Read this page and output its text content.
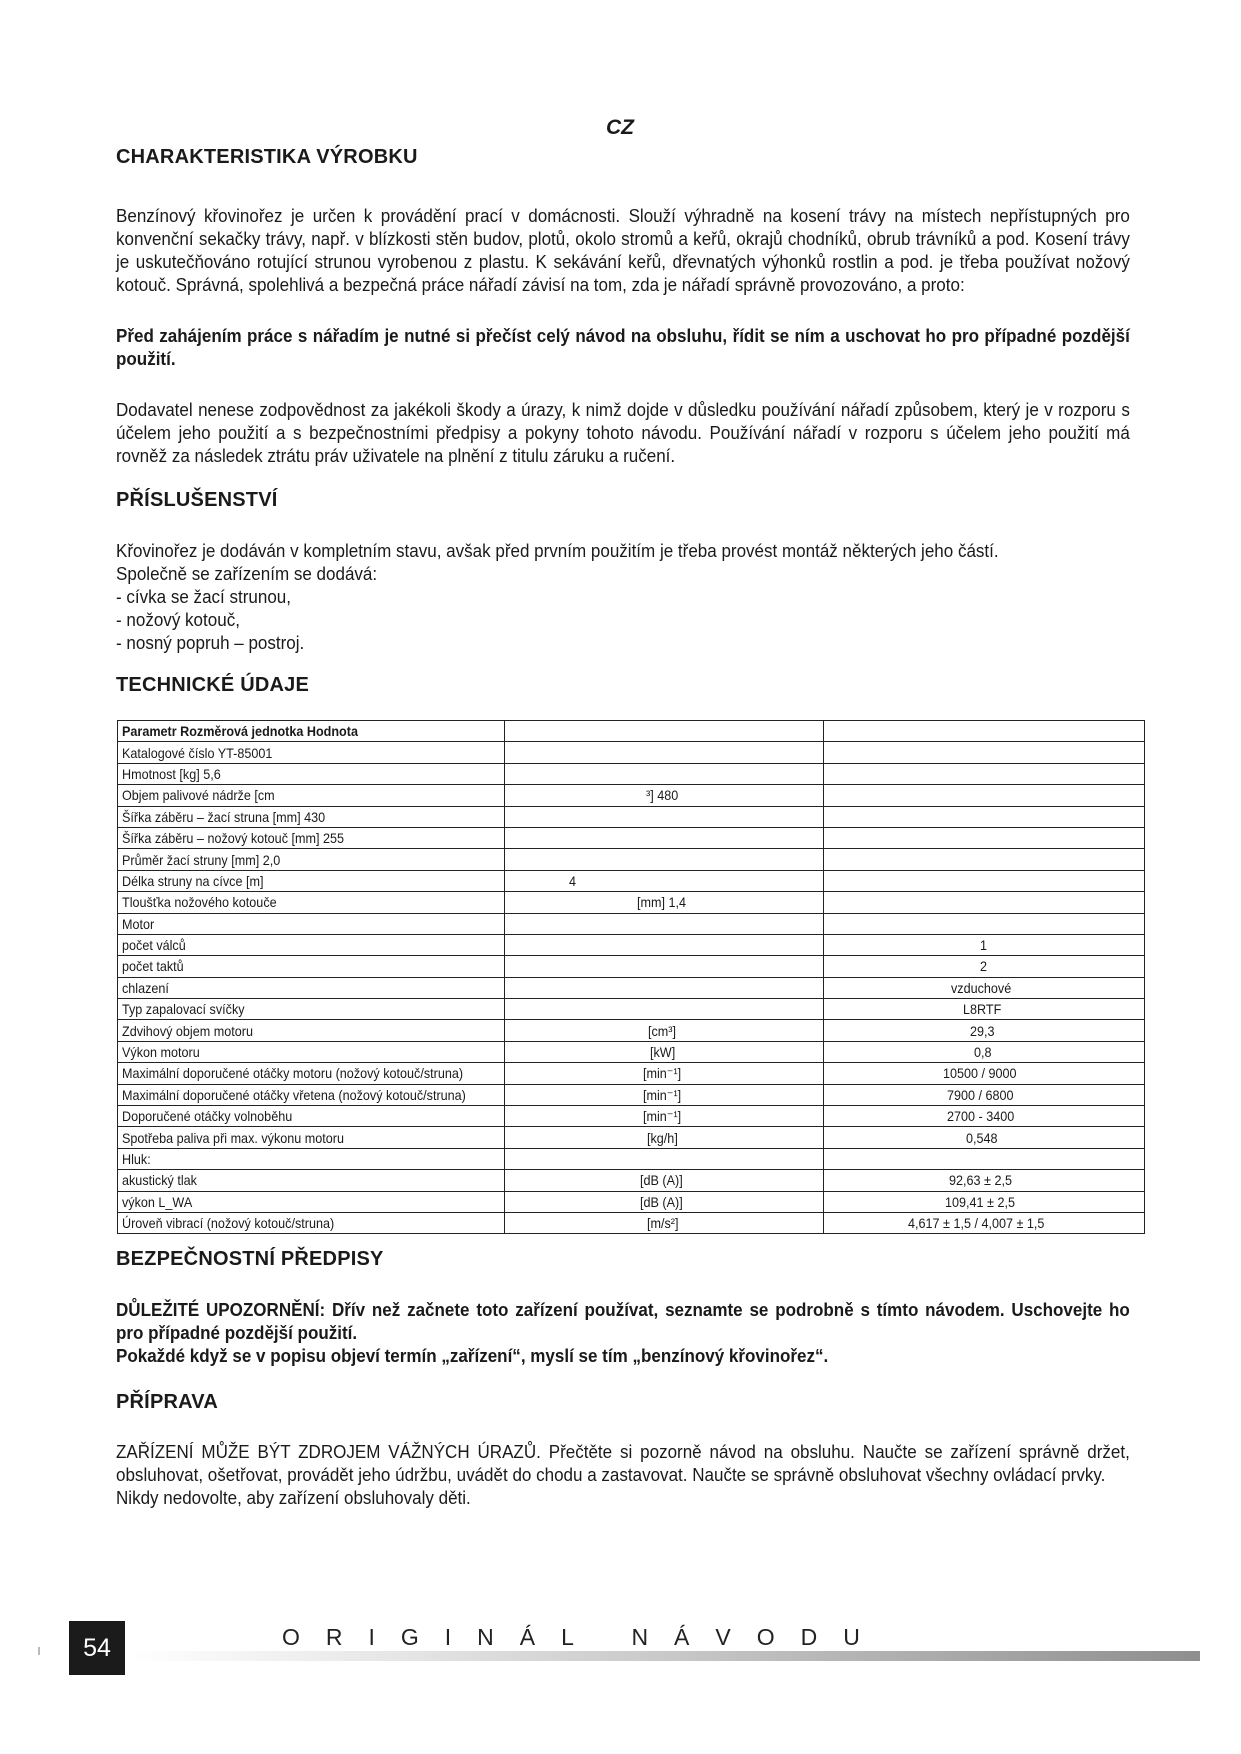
CZ
CHARAKTERISTIKA VÝROBKU

Benzínový křovinořez je určen k provádění prací v domácnosti. Slouží výhradně na kosení trávy na místech nepřístupných pro konvenční sekačky trávy, např. v blízkosti stěn budov, plotů, okolo stromů a keřů, okrajů chodníků, obrub trávníků a pod. Kosení trávy je uskutečňováno rotující strunou vyrobenou z plastu. K sekávání keřů, dřevnatých výhonků rostlin a pod. je třeba používat nožový kotouč. Správná, spolehlivá a bezpečná práce nářadí závisí na tom, zda je nářadí správně provozováno, a proto:

Před zahájením práce s nářadím je nutné si přečíst celý návod na obsluhu, řídit se ním a uschovat ho pro případné pozdější použití.

Dodavatel nenese zodpovědnost za jakékoli škody a úrazy, k nimž dojde v důsledku používání nářadí způsobem, který je v rozporu s účelem jeho použití a s bezpečnostními předpisy a pokyny tohoto návodu. Používání nářadí v rozporu s účelem jeho použití má rovněž za následek ztrátu práv uživatele na plnění z titulu záruku a ručení.

PŘÍSLUŠENSTVÍ

Křovinořez je dodáván v kompletním stavu, avšak před prvním použitím je třeba provést montáž některých jeho částí.

Společně se zařízením se dodává:

- cívka se žací strunou,
- nožový kotouč,
- nosný popruh – postroj.
TECHNICKÉ ÚDAJE
Parametr Rozměrová jednotka Hodnota		
Katalogové číslo YT-85001		
Hmotnost [kg] 5,6		
Objem palivové nádrže [cm	³] 480	
Šířka záběru – žací struna [mm] 430		
Šířka záběru – nožový kotouč [mm] 255		
Průměr žací struny [mm] 2,0		
Délka struny na cívce [m]	4	
Tloušťka nožového kotouče	[mm] 1,4	
Motor		
počet válců		1
počet taktů		2
chlazení		vzduchové
Typ zapalovací svíčky		L8RTF
Zdvihový objem motoru	[cm³]	29,3
Výkon motoru	[kW]	0,8
Maximální doporučené otáčky motoru (nožový kotouč/struna)	[min⁻¹]	10500 / 9000
Maximální doporučené otáčky vřetena (nožový kotouč/struna)	[min⁻¹]	7900 / 6800
Doporučené otáčky volnoběhu	[min⁻¹]	2700 - 3400
Spotřeba paliva při max. výkonu motoru	[kg/h]	0,548
Hluk:		
akustický tlak	[dB (A)]	92,63 ± 2,5
výkon L_WA	[dB (A)]	109,41 ± 2,5
Úroveň vibrací (nožový kotouč/struna)	[m/s²]	4,617 ± 1,5 / 4,007 ± 1,5
BEZPEČNOSTNÍ PŘEDPISY

DŮLEŽITÉ UPOZORNĚNÍ: Dřív než začnete toto zařízení používat, seznamte se podrobně s tímto návodem. Uschovejte ho pro případné pozdější použití.

Pokaždé když se v popisu objeví termín „zařízení“, myslí se tím „benzínový křovinořez“.

PŘÍPRAVA

ZAŘÍZENÍ MŮŽE BÝT ZDROJEM VÁŽNÝCH ÚRAZŮ. Přečtěte si pozorně návod na obsluhu. Naučte se zařízení správně držet, obsluhovat, ošetřovat, provádět jeho údržbu, uvádět do chodu a zastavovat. Naučte se správně obsluhovat všechny ovládací prvky.

Nikdy nedovolte, aby zařízení obsluhovaly děti.

54	ORIGINÁL NÁVODU
